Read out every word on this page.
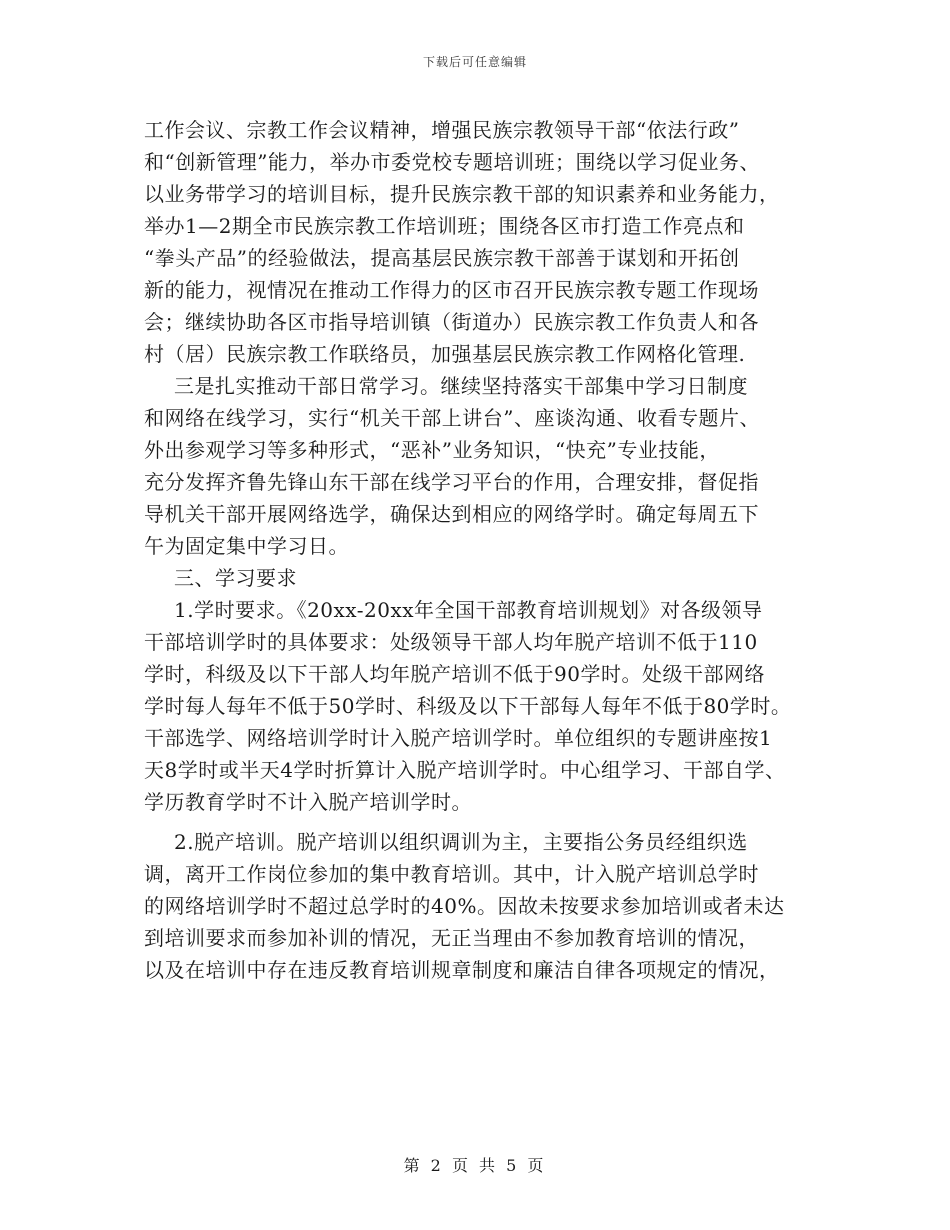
下载后可任意编辑
工作会议、宗教工作会议精神，增强民族宗教领导干部“依法行政”
和“创新管理”能力，举办市委党校专题培训班；围绕以学习促业务、
以业务带学习的培训目标，提升民族宗教干部的知识素养和业务能力，
举办1—2期全市民族宗教工作培训班；围绕各区市打造工作亮点和
“拳头产品”的经验做法，提高基层民族宗教干部善于谋划和开拓创
新的能力，视情况在推动工作得力的区市召开民族宗教专题工作现场
会；继续协助各区市指导培训镇（街道办）民族宗教工作负责人和各
村（居）民族宗教工作联络员，加强基层民族宗教工作网格化管理.
三是扎实推动干部日常学习。继续坚持落实干部集中学习日制度
和网络在线学习，实行“机关干部上讲台”、座谈沟通、收看专题片、
外出参观学习等多种形式，“恶补”业务知识，“快充”专业技能，
充分发挥齐鲁先锋山东干部在线学习平台的作用，合理安排，督促指
导机关干部开展网络选学，确保达到相应的网络学时。确定每周五下
午为固定集中学习日。
三、学习要求
1.学时要求。《20xx-20xx年全国干部教育培训规划》对各级领导
干部培训学时的具体要求：处级领导干部人均年脱产培训不低于110
学时，科级及以下干部人均年脱产培训不低于90学时。处级干部网络
学时每人每年不低于50学时、科级及以下干部每人每年不低于80学时。
干部选学、网络培训学时计入脱产培训学时。单位组织的专题讲座按1
天8学时或半天4学时折算计入脱产培训学时。中心组学习、干部自学、
学历教育学时不计入脱产培训学时。
2.脱产培训。脱产培训以组织调训为主，主要指公务员经组织选
调，离开工作岗位参加的集中教育培训。其中，计入脱产培训总学时
的网络培训学时不超过总学时的40%。因故未按要求参加培训或者未达
到培训要求而参加补训的情况，无正当理由不参加教育培训的情况，
以及在培训中存在违反教育培训规章制度和廉洁自律各项规定的情况，
第 2 页 共 5 页
